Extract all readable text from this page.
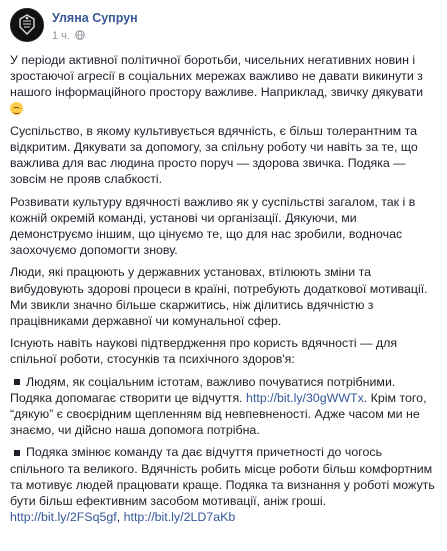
Уляна Супрун
1 ч.

У періоди активної політичної боротьби, чисельних негативних новин і зростаючої агресії в соціальних мережах важливо не давати викинути з нашого інформаційного простору важливе. Наприклад, звичку дякувати

Суспільство, в якому культивується вдячність, є більш толерантним та відкритим. Дякувати за допомогу, за спільну роботу чи навіть за те, що важлива для вас людина просто поруч — здорова звичка. Подяка — зовсім не прояв слабкості.

Розвивати культуру вдячності важливо як у суспільстві загалом, так і в кожній окремій команді, установі чи організації. Дякуючи, ми демонструємо іншим, що цінуємо те, що для нас зробили, водночас заохочуємо допомогти знову.

Люди, які працюють у державних установах, втілюють зміни та вибудовують здорові процеси в країні, потребують додаткової мотивації. Ми звикли значно більше скаржитись, ніж ділитись вдячністю з працівниками державної чи комунальної сфер.

Існують навіть наукові підтвердження про користь вдячності — для спільної роботи, стосунків та психічного здоров'я:

Людям, як соціальним істотам, важливо почуватися потрібними. Подяка допомагає створити це відчуття. http://bit.ly/30gWWTx. Крім того, “дякую” є своєрідним щепленням від невпевненості. Адже часом ми не знаємо, чи дійсно наша допомога потрібна.

Подяка змінює команду та дає відчуття причетності до чогось спільного та великого. Вдячність робить місце роботи більш комфортним та мотивує людей працювати краще. Подяка та визнання у роботі можуть бути більш ефективним засобом мотивації, аніж гроші. http://bit.ly/2FSq5gf, http://bit.ly/2LD7aKb
